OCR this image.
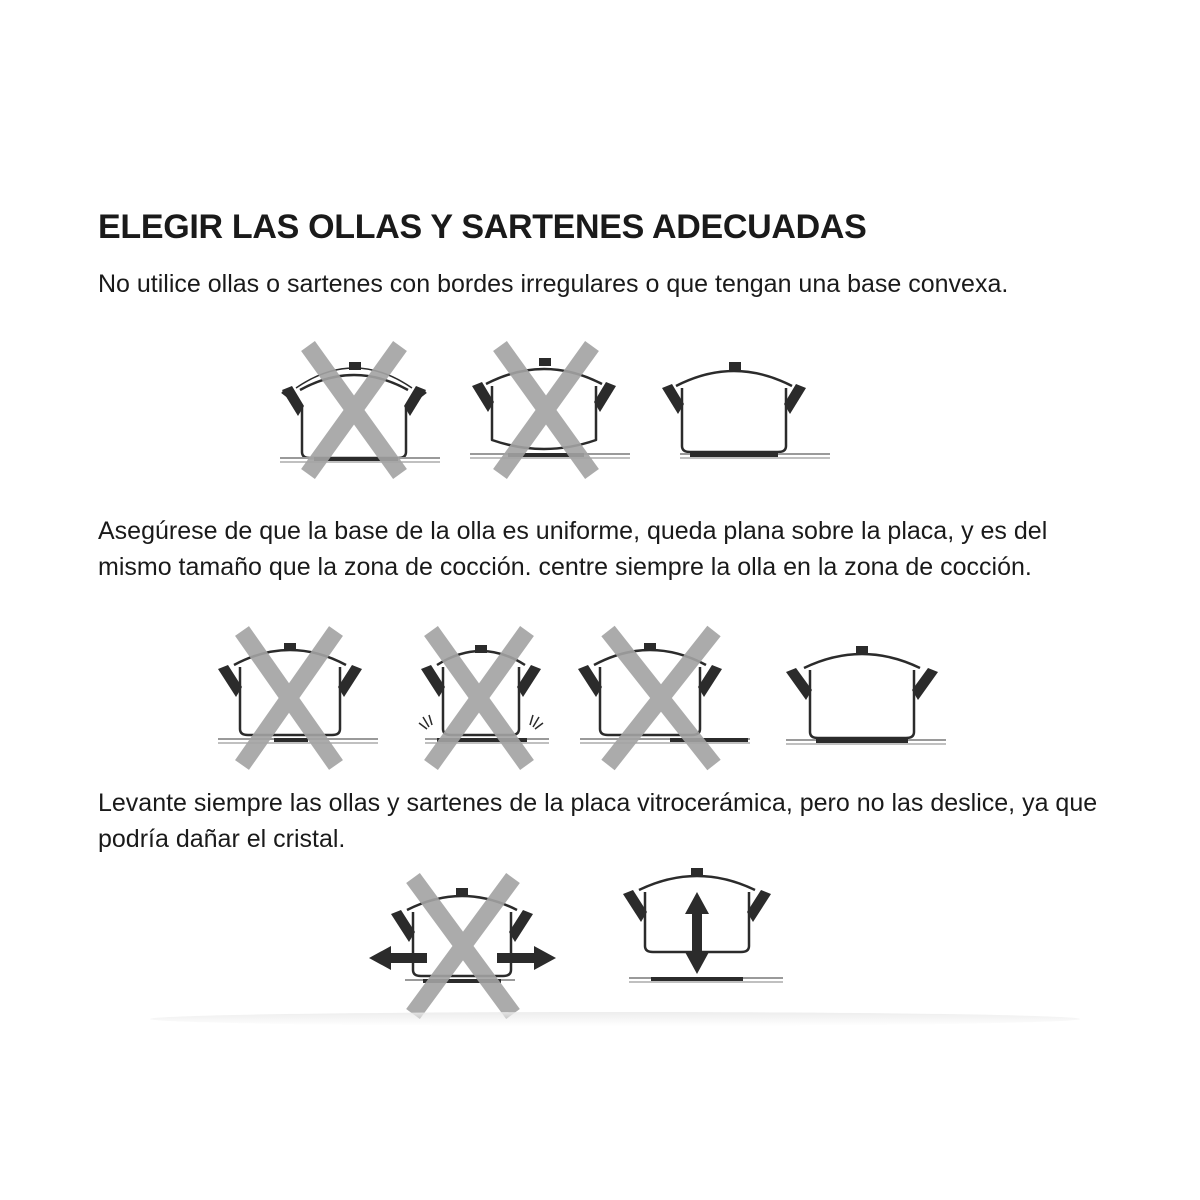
ELEGIR LAS OLLAS Y SARTENES ADECUADAS
No utilice ollas o sartenes con bordes irregulares o que tengan una base convexa.
Asegúrese de que la base de la olla es uniforme, queda plana sobre la placa, y es del mismo tamaño que la zona de cocción. centre siempre la olla en la zona de cocción.
Levante siempre las ollas y sartenes de la placa vitrocerámica, pero no las deslice, ya que podría dañar el cristal.
